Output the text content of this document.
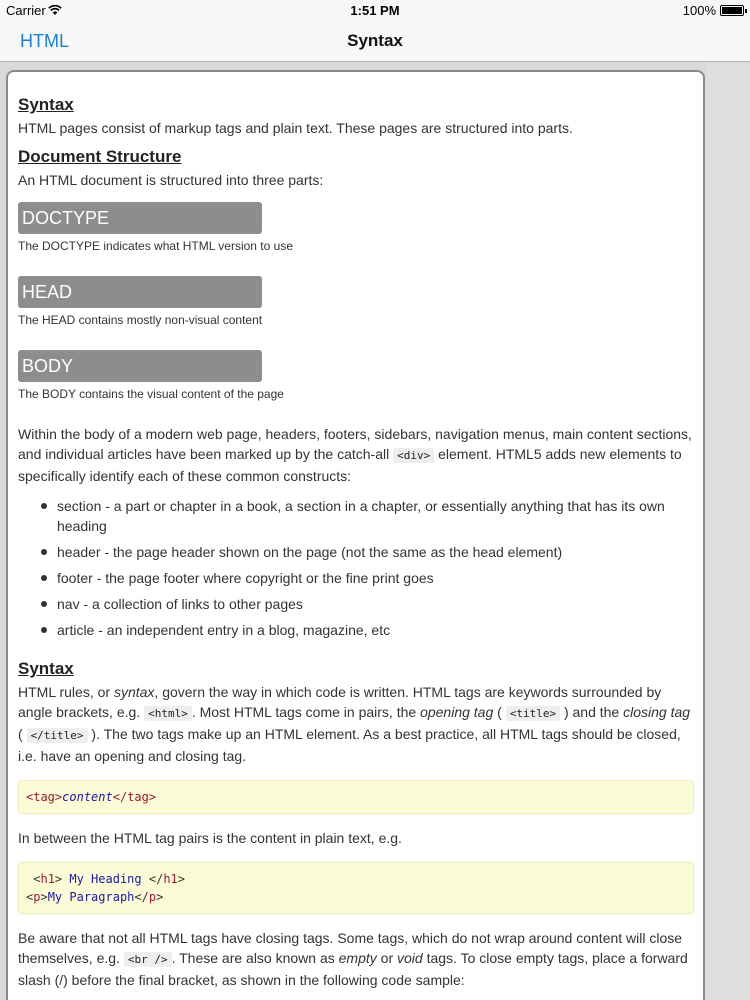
Carrier	1:51 PM	100%
HTML	Syntax
Syntax

HTML pages consist of markup tags and plain text. These pages are structured into parts.

Document Structure

An HTML document is structured into three parts:

DOCTYPE
The DOCTYPE indicates what HTML version to use
HEAD
The HEAD contains mostly non-visual content
BODY
The BODY contains the visual content of the page

Within the body of a modern web page, headers, footers, sidebars, navigation menus, main content sections, and individual articles have been marked up by the catch-all <div> element. HTML5 adds new elements to specifically identify each of these common constructs:

section - a part or chapter in a book, a section in a chapter, or essentially anything that has its own heading
header - the page header shown on the page (not the same as the head element)
footer - the page footer where copyright or the fine print goes
nav - a collection of links to other pages
article - an independent entry in a blog, magazine, etc
Syntax

HTML rules, or syntax, govern the way in which code is written. HTML tags are keywords surrounded by angle brackets, e.g. <html> . Most HTML tags come in pairs, the opening tag ( <title> ) and the closing tag
( </title> ). The two tags make up an HTML element. As a best practice, all HTML tags should be closed, i.e. have an opening and closing tag.

<tag>content</tag>

In between the HTML tag pairs is the content in plain text, e.g.

<h1> My Heading </h1>
<p>My Paragraph</p>

Be aware that not all HTML tags have closing tags. Some tags, which do not wrap around content will close themselves, e.g. <br /> . These are also known as empty or void tags. To close empty tags, place a forward slash (/) before the final bracket, as shown in the following code sample:
